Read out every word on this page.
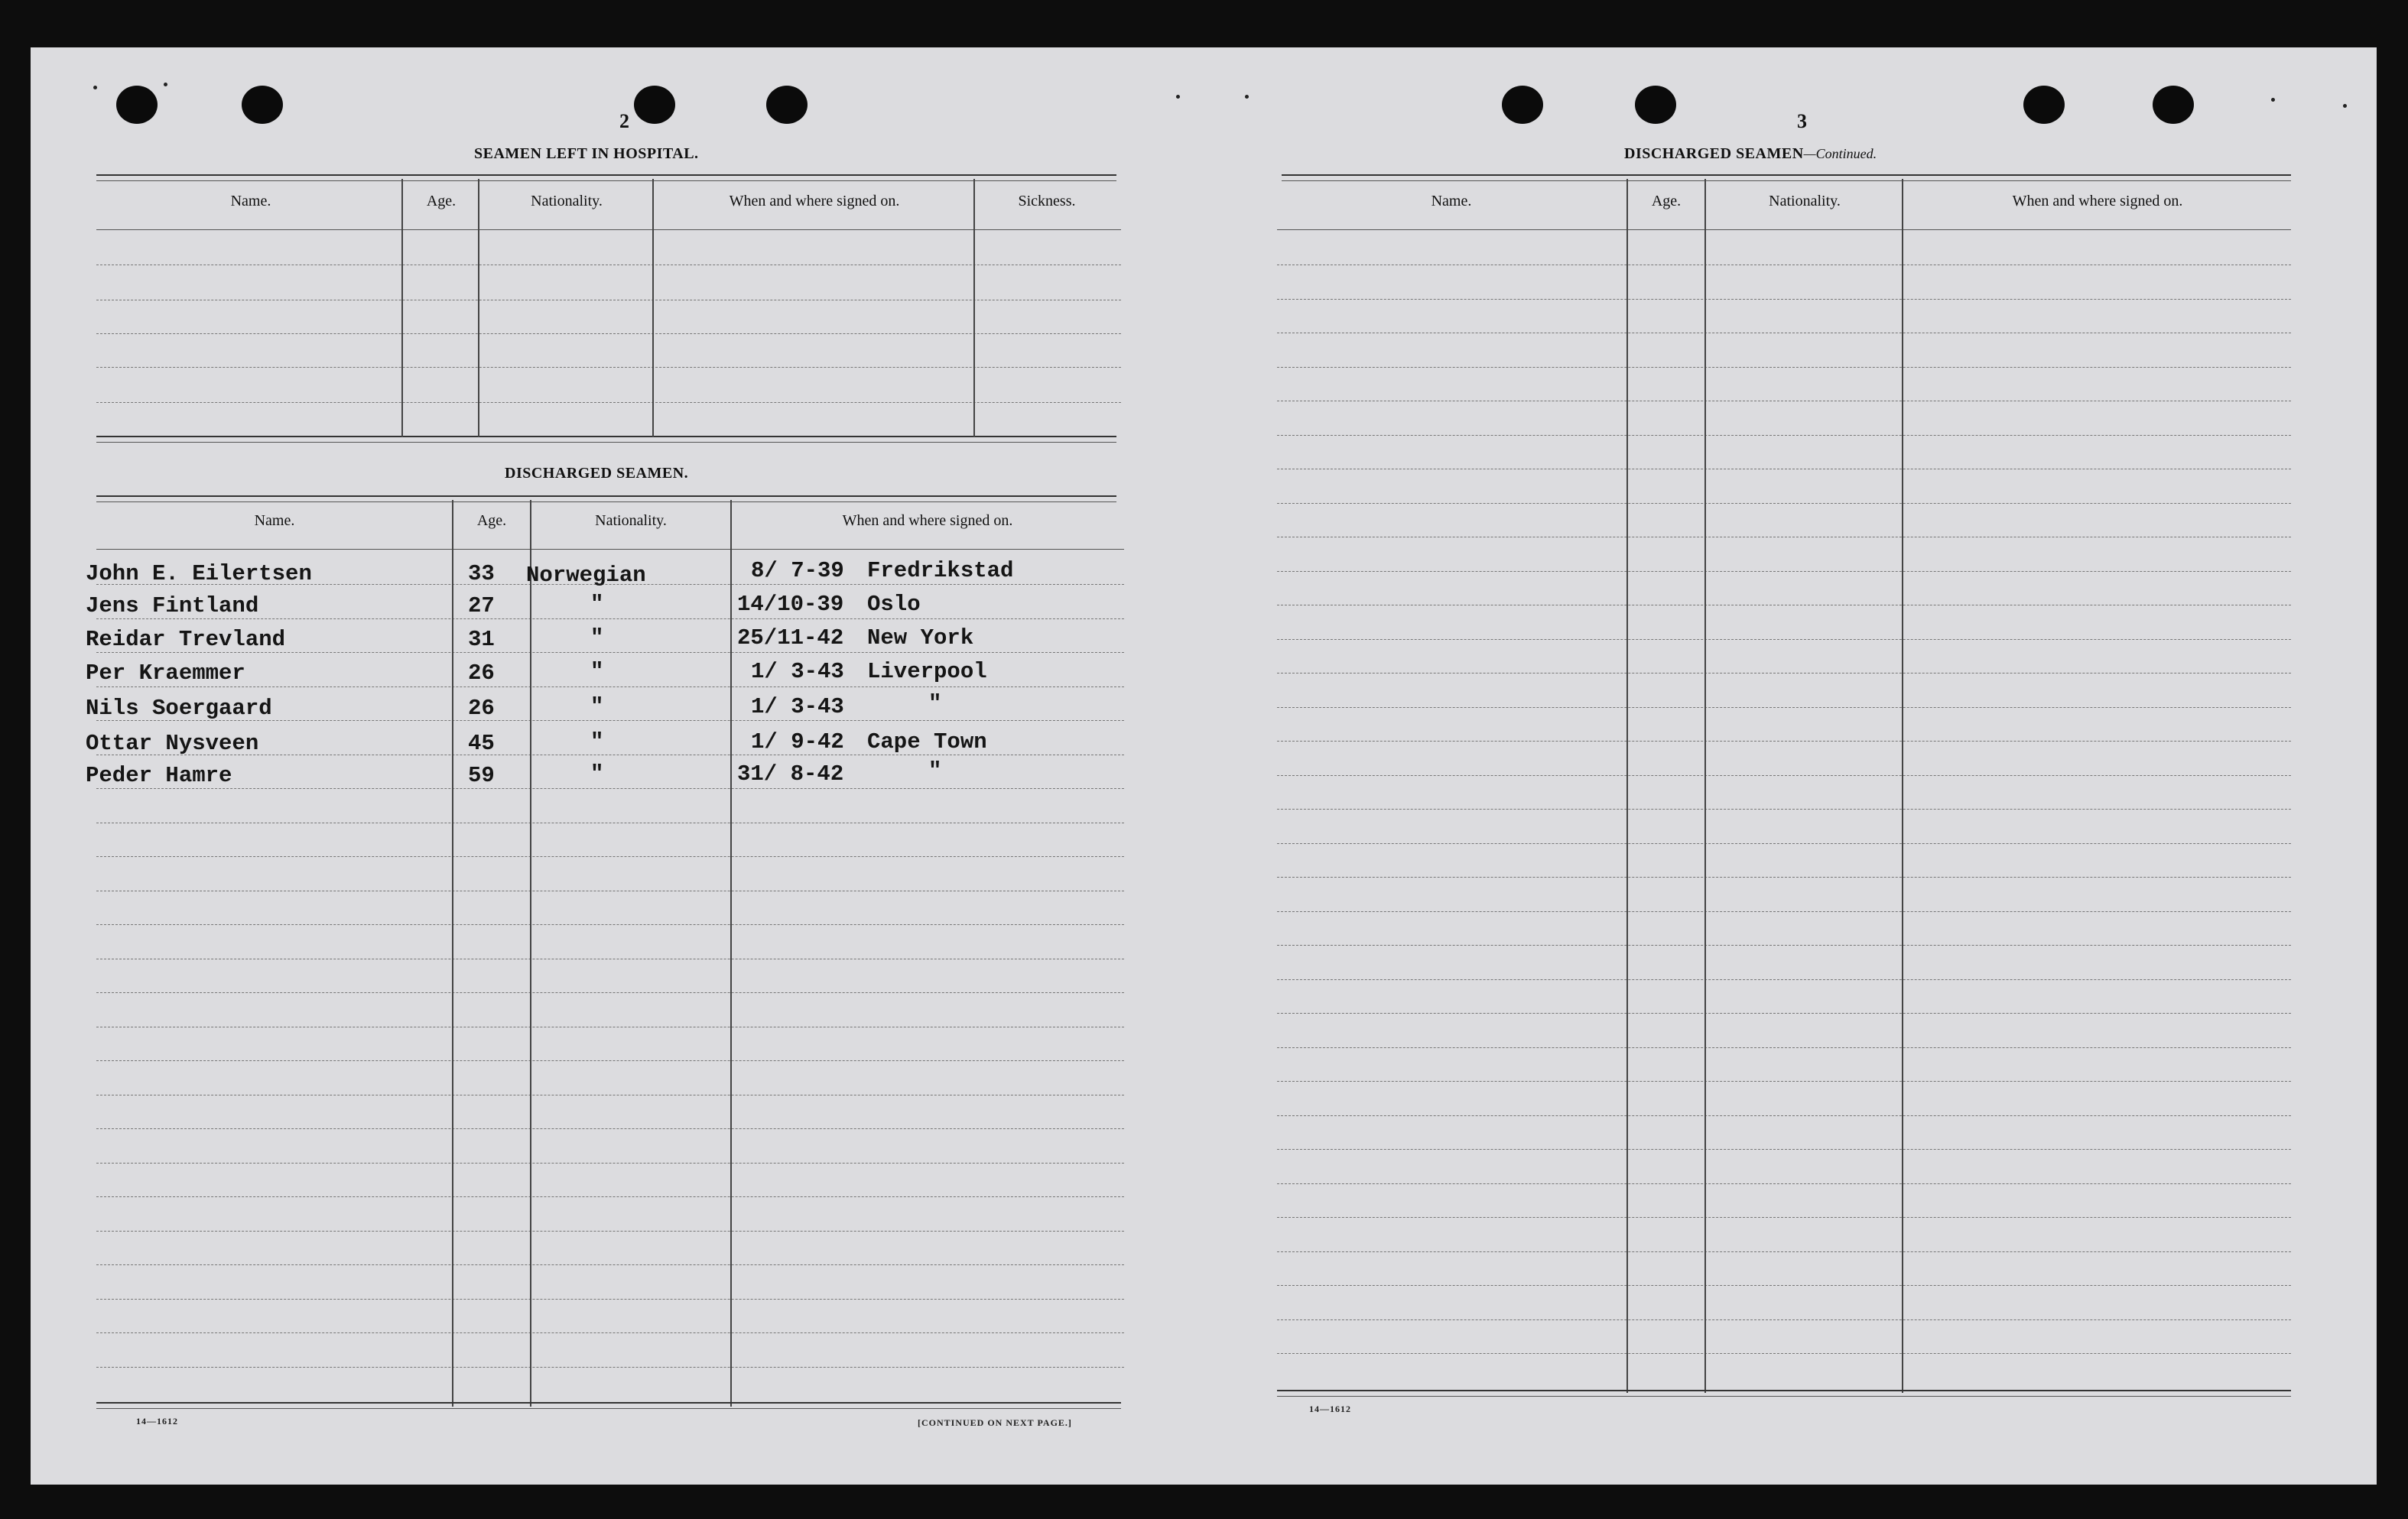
2
SEAMEN LEFT IN HOSPITAL.
Name.	Age.	Nationality.	When and where signed on.	Sickness.
DISCHARGED SEAMEN.
Name.	Age.	Nationality.	When and where signed on.
John E. Eilertsen	33 Norwegian	8/ 7-39 Fredrikstad
Jens Fintland	27	"	14/10-39 Oslo
Reidar Trevland	31	"	25/11-42 New York
Per Kraemmer	26	"	1/ 3-43 Liverpool
Nils Soergaard	26	"	1/ 3-43	"
Ottar Nysveen	45	"	1/ 9-42 Cape Town
Peder Hamre	59	"	31/ 8-42	"
14—1612	[CONTINUED ON NEXT PAGE.]
3
DISCHARGED SEAMEN—Continued.
Name.	Age.	Nationality.	When and where signed on.
14—1612
